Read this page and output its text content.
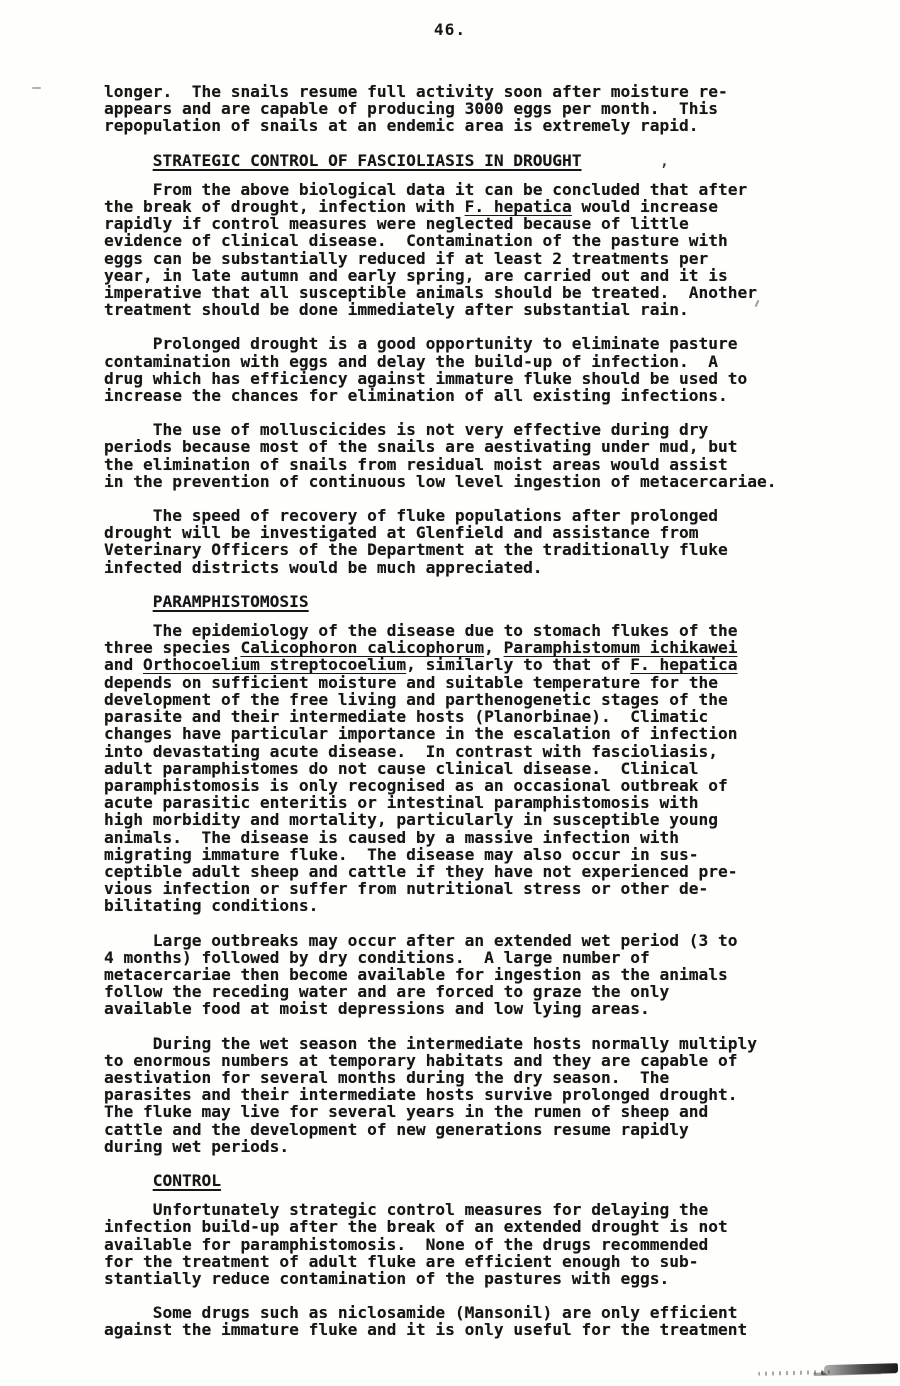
46.
longer.  The snails resume full activity soon after moisture re-
appears and are capable of producing 3000 eggs per month.  This
repopulation of snails at an endemic area is extremely rapid.
STRATEGIC CONTROL OF FASCIOLIASIS IN DROUGHT	,
From the above biological data it can be concluded that after
the break of drought, infection with F. hepatica would increase
rapidly if control measures were neglected because of little
evidence of clinical disease.  Contamination of the pasture with
eggs can be substantially reduced if at least 2 treatments per
year, in late autumn and early spring, are carried out and it is
imperative that all susceptible animals should be treated.  Another
treatment should be done immediately after substantial rain.
Prolonged drought is a good opportunity to eliminate pasture
contamination with eggs and delay the build-up of infection.  A
drug which has efficiency against immature fluke should be used to
increase the chances for elimination of all existing infections.
The use of molluscicides is not very effective during dry
periods because most of the snails are aestivating under mud, but
the elimination of snails from residual moist areas would assist
in the prevention of continuous low level ingestion of metacercariae.
The speed of recovery of fluke populations after prolonged
drought will be investigated at Glenfield and assistance from
Veterinary Officers of the Department at the traditionally fluke
infected districts would be much appreciated.
PARAMPHISTOMOSIS
The epidemiology of the disease due to stomach flukes of the
three species Calicophoron calicophorum, Paramphistomum ichikawei
and Orthocoelium streptocoelium, similarly to that of F. hepatica
depends on sufficient moisture and suitable temperature for the
development of the free living and parthenogenetic stages of the
parasite and their intermediate hosts (Planorbinae).  Climatic
changes have particular importance in the escalation of infection
into devastating acute disease.  In contrast with fascioliasis,
adult paramphistomes do not cause clinical disease.  Clinical
paramphistomosis is only recognised as an occasional outbreak of
acute parasitic enteritis or intestinal paramphistomosis with
high morbidity and mortality, particularly in susceptible young
animals.  The disease is caused by a massive infection with
migrating immature fluke.  The disease may also occur in sus-
ceptible adult sheep and cattle if they have not experienced pre-
vious infection or suffer from nutritional stress or other de-
bilitating conditions.
Large outbreaks may occur after an extended wet period (3 to
4 months) followed by dry conditions.  A large number of
metacercariae then become available for ingestion as the animals
follow the receding water and are forced to graze the only
available food at moist depressions and low lying areas.
During the wet season the intermediate hosts normally multiply
to enormous numbers at temporary habitats and they are capable of
aestivation for several months during the dry season.  The
parasites and their intermediate hosts survive prolonged drought.
The fluke may live for several years in the rumen of sheep and
cattle and the development of new generations resume rapidly
during wet periods.
CONTROL
Unfortunately strategic control measures for delaying the
infection build-up after the break of an extended drought is not
available for paramphistomosis.  None of the drugs recommended
for the treatment of adult fluke are efficient enough to sub-
stantially reduce contamination of the pastures with eggs.
Some drugs such as niclosamide (Mansonil) are only efficient
against the immature fluke and it is only useful for the treatment
